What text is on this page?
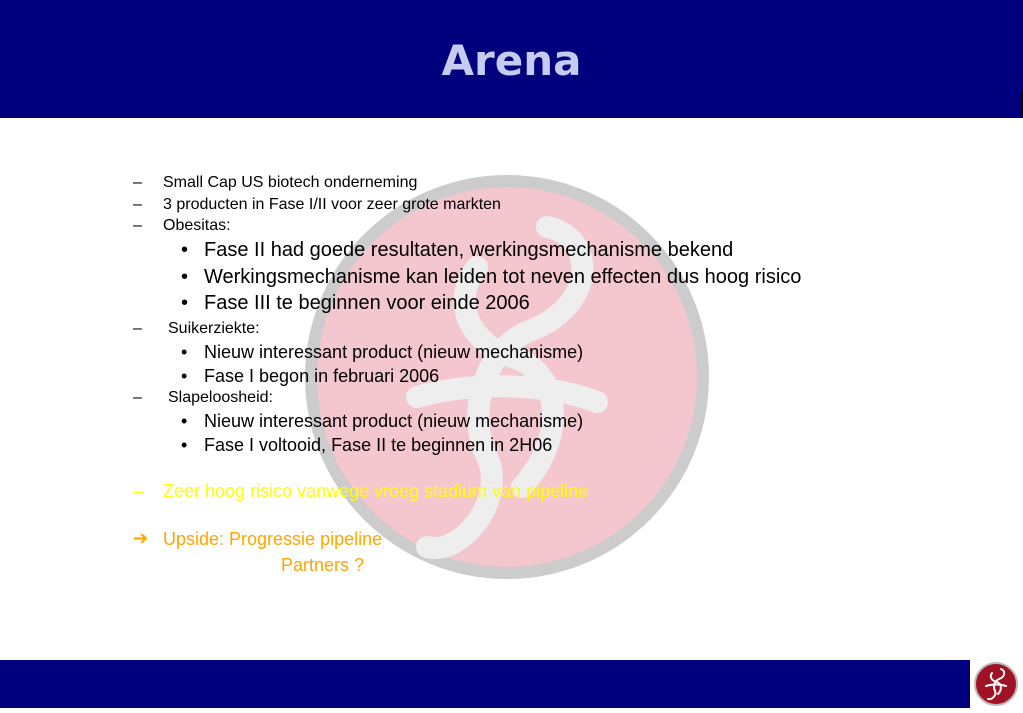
Arena
– Small Cap US biotech onderneming
– 3 producten in Fase I/II voor zeer grote markten
– Obesitas:
• Fase II had goede resultaten, werkingsmechanisme bekend
• Werkingsmechanisme kan leiden tot neven effecten dus hoog risico
• Fase III te beginnen voor einde 2006
– Suikerziekte:
• Nieuw interessant product (nieuw mechanisme)
• Fase I begon in februari 2006
– Slapeloosheid:
• Nieuw interessant product (nieuw mechanisme)
• Fase I voltooid, Fase II te beginnen in 2H06
– Zeer hoog risico vanwege vroeg stadium van pipeline
➔ Upside: Progressie pipeline
Partners ?
